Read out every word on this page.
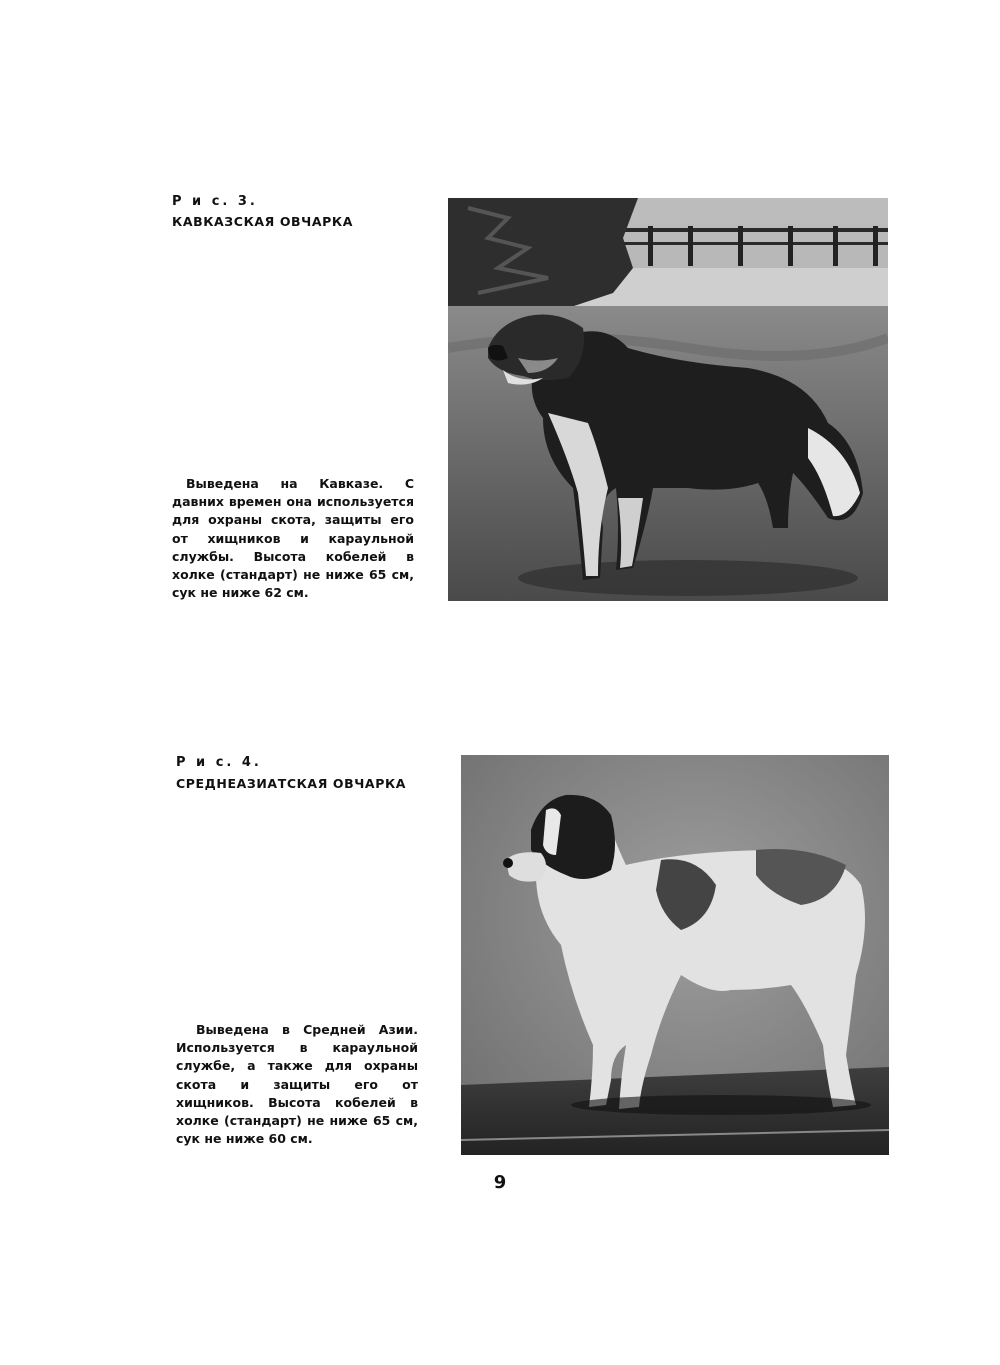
Р и с. 3.

КАВКАЗСКАЯ ОВЧАРКА

Выведена на Кавказе. С давних времен она используется для охраны скота, защиты его от хищников и караульной службы. Высота кобелей в холке (стандарт) не ниже 65 см, сук не ниже 62 см.

Р и с. 4.

СРЕДНЕАЗИАТСКАЯ ОВЧАРКА

Выведена в Средней Азии. Используется в караульной службе, а также для охраны скота и защиты его от хищников. Высота кобелей в холке (стандарт) не ниже 65 см, сук не ниже 60 см.

9
